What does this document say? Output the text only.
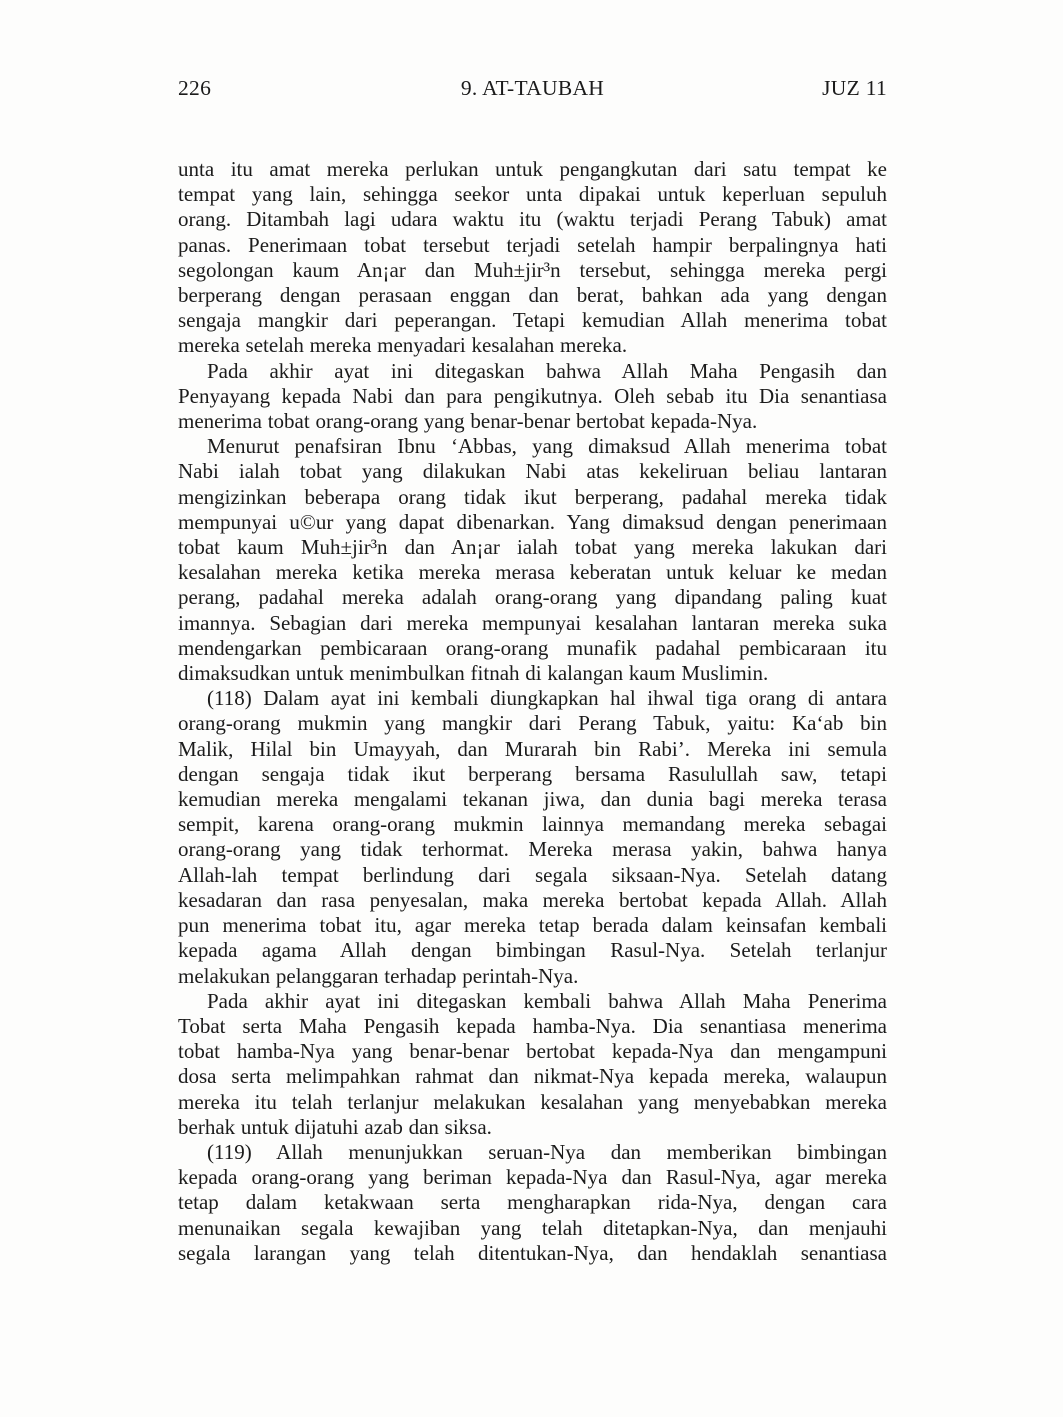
226	9. AT-TAUBAH	JUZ 11
unta itu amat mereka perlukan untuk pengangkutan dari satu tempat ke
tempat yang lain, sehingga seekor unta dipakai untuk keperluan sepuluh
orang. Ditambah lagi udara waktu itu (waktu terjadi Perang Tabuk) amat
panas. Penerimaan tobat tersebut terjadi setelah hampir berpalingnya hati
segolongan kaum An¡ar dan Muh±jir³n tersebut, sehingga mereka pergi
berperang dengan perasaan enggan dan berat, bahkan ada yang dengan
sengaja mangkir dari peperangan. Tetapi kemudian Allah menerima tobat
mereka setelah mereka menyadari kesalahan mereka.
Pada akhir ayat ini ditegaskan bahwa Allah Maha Pengasih dan
Penyayang kepada Nabi dan para pengikutnya. Oleh sebab itu Dia senantiasa
menerima tobat orang-orang yang benar-benar bertobat kepada-Nya.
Menurut penafsiran Ibnu ‘Abbas, yang dimaksud Allah menerima tobat
Nabi ialah tobat yang dilakukan Nabi atas kekeliruan beliau lantaran
mengizinkan beberapa orang tidak ikut berperang, padahal mereka tidak
mempunyai u©ur yang dapat dibenarkan. Yang dimaksud dengan penerimaan
tobat kaum Muh±jir³n dan An¡ar ialah tobat yang mereka lakukan dari
kesalahan mereka ketika mereka merasa keberatan untuk keluar ke medan
perang, padahal mereka adalah orang-orang yang dipandang paling kuat
imannya. Sebagian dari mereka mempunyai kesalahan lantaran mereka suka
mendengarkan pembicaraan orang-orang munafik padahal pembicaraan itu
dimaksudkan untuk menimbulkan fitnah di kalangan kaum Muslimin.
(118) Dalam ayat ini kembali diungkapkan hal ihwal tiga orang di antara
orang-orang mukmin yang mangkir dari Perang Tabuk, yaitu: Ka‘ab bin
Malik, Hilal bin Umayyah, dan Murarah bin Rabi’. Mereka ini semula
dengan sengaja tidak ikut berperang bersama Rasulullah saw, tetapi
kemudian mereka mengalami tekanan jiwa, dan dunia bagi mereka terasa
sempit, karena orang-orang mukmin lainnya memandang mereka sebagai
orang-orang yang tidak terhormat. Mereka merasa yakin, bahwa hanya
Allah-lah tempat berlindung dari segala siksaan-Nya. Setelah datang
kesadaran dan rasa penyesalan, maka mereka bertobat kepada Allah. Allah
pun menerima tobat itu, agar mereka tetap berada dalam keinsafan kembali
kepada agama Allah dengan bimbingan Rasul-Nya. Setelah terlanjur
melakukan pelanggaran terhadap perintah-Nya.
Pada akhir ayat ini ditegaskan kembali bahwa Allah Maha Penerima
Tobat serta Maha Pengasih kepada hamba-Nya. Dia senantiasa menerima
tobat hamba-Nya yang benar-benar bertobat kepada-Nya dan mengampuni
dosa serta melimpahkan rahmat dan nikmat-Nya kepada mereka, walaupun
mereka itu telah terlanjur melakukan kesalahan yang menyebabkan mereka
berhak untuk dijatuhi azab dan siksa.
(119) Allah menunjukkan seruan-Nya dan memberikan bimbingan
kepada orang-orang yang beriman kepada-Nya dan Rasul-Nya, agar mereka
tetap dalam ketakwaan serta mengharapkan rida-Nya, dengan cara
menunaikan segala kewajiban yang telah ditetapkan-Nya, dan menjauhi
segala larangan yang telah ditentukan-Nya, dan hendaklah senantiasa
